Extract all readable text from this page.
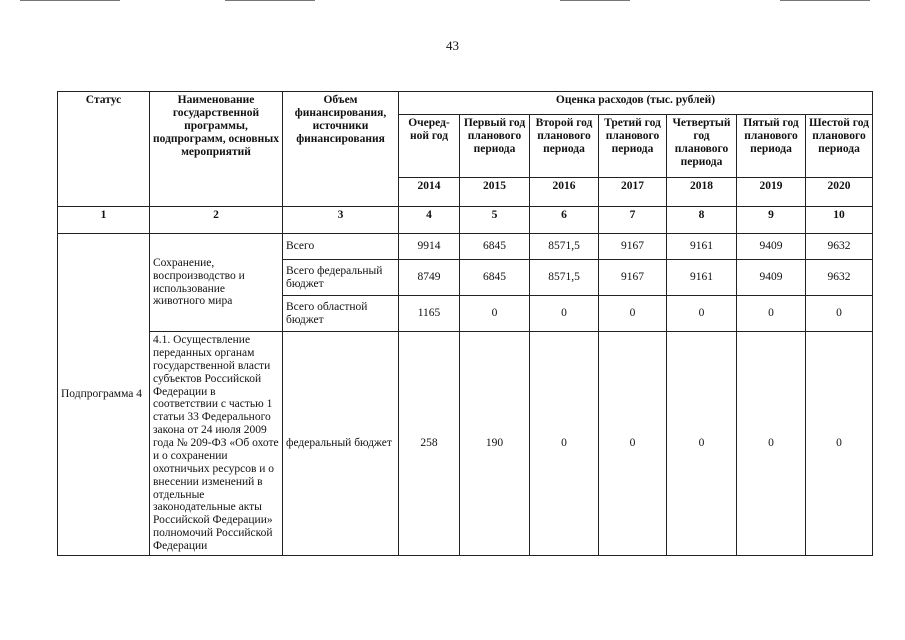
43
Статус	Наименование государственной программы, подпрограмм, основных мероприятий	Объем финансирования, источники финансирования	Оценка расходов (тыс. рублей)						
			Очеред-ной год	Первый год планового периода	Второй год планового периода	Третий год планового периода	Четвертый год планового периода	Пятый год планового периода	Шестой год планового периода
			2014	2015	2016	2017	2018	2019	2020
1	2	3	4	5	6	7	8	9	10
Подпрограмма 4	Сохранение, воспроизводство и использование животного мира	Всего	9914	6845	8571,5	9167	9161	9409	9632
		Всего федеральный бюджет	8749	6845	8571,5	9167	9161	9409	9632
		Всего областной бюджет	1165	0	0	0	0	0	0
	4.1. Осуществление переданных органам государственной власти субъектов Российской Федерации в соответствии с частью 1 статьи 33 Федерального закона от 24 июля 2009 года № 209-ФЗ «Об охоте и о сохранении охотничьих ресурсов и о внесении изменений в отдельные законодательные акты Российской Федерации» полномочий Российской Федерации	федеральный бюджет	258	190	0	0	0	0	0
